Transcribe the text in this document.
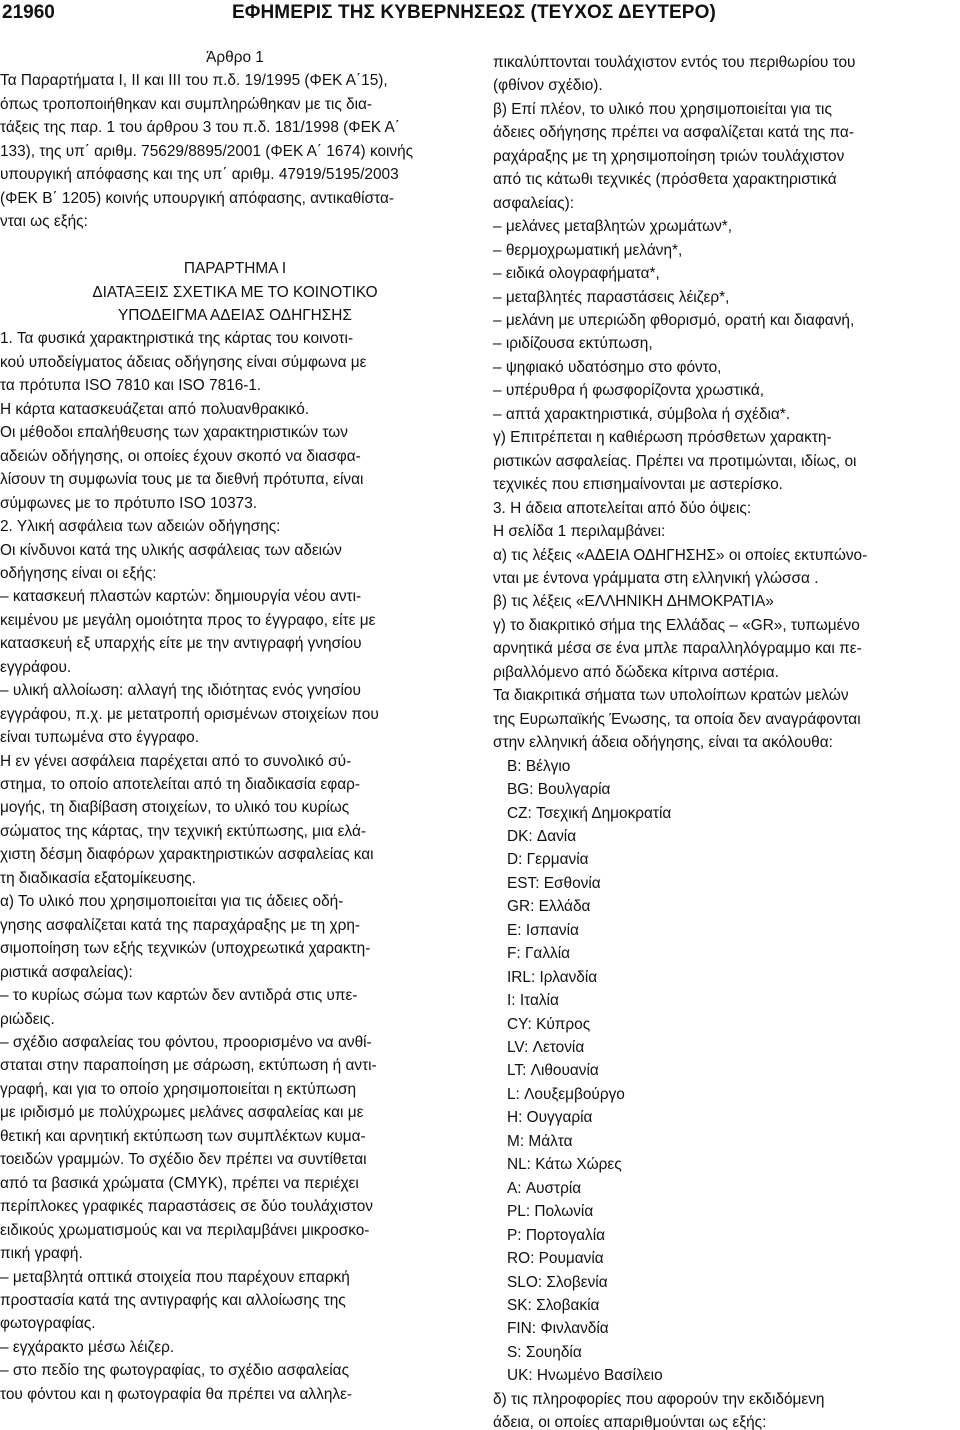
21960	ΕΦΗΜΕΡΙΣ ΤΗΣ ΚΥΒΕΡΝΗΣΕΩΣ (ΤΕΥΧΟΣ ΔΕΥΤΕΡΟ)
Άρθρο 1
Τα Παραρτήματα I, II και III του π.δ. 19/1995 (ΦΕΚ Α΄15),
όπως τροποποιήθηκαν και συμπληρώθηκαν με τις δια-
τάξεις της παρ. 1 του άρθρου 3 του π.δ. 181/1998 (ΦΕΚ Α΄
133), της υπ΄ αριθμ. 75629/8895/2001 (ΦΕΚ Α΄ 1674) κοινής
υπουργική απόφασης και της υπ΄ αριθμ. 47919/5195/2003
(ΦΕΚ Β΄ 1205) κοινής υπουργική απόφασης, αντικαθίστα-
νται ως εξής:
ΠΑΡΑΡΤΗΜΑ Ι
ΔΙΑΤΑΞΕΙΣ ΣΧΕΤΙΚΑ ΜΕ ΤΟ ΚΟΙΝΟΤΙΚΟ
ΥΠΟΔΕΙΓΜΑ ΑΔΕΙΑΣ ΟΔΗΓΗΣΗΣ
1. Τα φυσικά χαρακτηριστικά της κάρτας του κοινοτι-
κού υποδείγματος άδειας οδήγησης είναι σύμφωνα με
τα πρότυπα ISO 7810 και ISO 7816-1.
Η κάρτα κατασκευάζεται από πολυανθρακικό.
Οι μέθοδοι επαλήθευσης των χαρακτηριστικών των
αδειών οδήγησης, οι οποίες έχουν σκοπό να διασφα-
λίσουν τη συμφωνία τους με τα διεθνή πρότυπα, είναι
σύμφωνες με το πρότυπο ISO 10373.
2. Υλική ασφάλεια των αδειών οδήγησης:
Οι κίνδυνοι κατά της υλικής ασφάλειας των αδειών
οδήγησης είναι οι εξής:
– κατασκευή πλαστών καρτών: δημιουργία νέου αντι-
κειμένου με μεγάλη ομοιότητα προς το έγγραφο, είτε με
κατασκευή εξ υπαρχής είτε με την αντιγραφή γνησίου
εγγράφου.
– υλική αλλοίωση: αλλαγή της ιδιότητας ενός γνησίου
εγγράφου, π.χ. με μετατροπή ορισμένων στοιχείων που
είναι τυπωμένα στο έγγραφο.
Η εν γένει ασφάλεια παρέχεται από το συνολικό σύ-
στημα, το οποίο αποτελείται από τη διαδικασία εφαρ-
μογής, τη διαβίβαση στοιχείων, το υλικό του κυρίως
σώματος της κάρτας, την τεχνική εκτύπωσης, μια ελά-
χιστη δέσμη διαφόρων χαρακτηριστικών ασφαλείας και
τη διαδικασία εξατομίκευσης.
α) Το υλικό που χρησιμοποιείται για τις άδειες οδή-
γησης ασφαλίζεται κατά της παραχάραξης με τη χρη-
σιμοποίηση των εξής τεχνικών (υποχρεωτικά χαρακτη-
ριστικά ασφαλείας):
– το κυρίως σώμα των καρτών δεν αντιδρά στις υπε-
ριώδεις.
– σχέδιο ασφαλείας του φόντου, προορισμένο να ανθί-
σταται στην παραποίηση με σάρωση, εκτύπωση ή αντι-
γραφή, και για το οποίο χρησιμοποιείται η εκτύπωση
με ιριδισμό με πολύχρωμες μελάνες ασφαλείας και με
θετική και αρνητική εκτύπωση των συμπλέκτων κυμα-
τοειδών γραμμών. Το σχέδιο δεν πρέπει να συντίθεται
από τα βασικά χρώματα (CMYK), πρέπει να περιέχει
περίπλοκες γραφικές παραστάσεις σε δύο τουλάχιστον
ειδικούς χρωματισμούς και να περιλαμβάνει μικροσκο-
πική γραφή.
– μεταβλητά οπτικά στοιχεία που παρέχουν επαρκή
προστασία κατά της αντιγραφής και αλλοίωσης της
φωτογραφίας.
– εγχάρακτο μέσω λέιζερ.
– στο πεδίο της φωτογραφίας, το σχέδιο ασφαλείας
του φόντου και η φωτογραφία θα πρέπει να αλληλε-
πικαλύπτονται τουλάχιστον εντός του περιθωρίου του
(φθίνον σχέδιο).
β) Επί πλέον, το υλικό που χρησιμοποιείται για τις
άδειες οδήγησης πρέπει να ασφαλίζεται κατά της πα-
ραχάραξης με τη χρησιμοποίηση τριών τουλάχιστον
από τις κάτωθι τεχνικές (πρόσθετα χαρακτηριστικά
ασφαλείας):
– μελάνες μεταβλητών χρωμάτων*,
– θερμοχρωματική μελάνη*,
– ειδικά ολογραφήματα*,
– μεταβλητές παραστάσεις λέιζερ*,
– μελάνη με υπεριώδη φθορισμό, ορατή και διαφανή,
– ιριδίζουσα εκτύπωση,
– ψηφιακό υδατόσημο στο φόντο,
– υπέρυθρα ή φωσφορίζοντα χρωστικά,
– απτά χαρακτηριστικά, σύμβολα ή σχέδια*.
γ) Επιτρέπεται η καθιέρωση πρόσθετων χαρακτη-
ριστικών ασφαλείας. Πρέπει να προτιμώνται, ιδίως, οι
τεχνικές που επισημαίνονται με αστερίσκο.
3. Η άδεια αποτελείται από δύο όψεις:
Η σελίδα 1 περιλαμβάνει:
α) τις λέξεις «ΑΔΕΙΑ ΟΔΗΓΗΣΗΣ» οι οποίες εκτυπώνο-
νται με έντονα γράμματα στη ελληνική γλώσσα .
β) τις λέξεις «ΕΛΛΗΝΙΚΗ ΔΗΜΟΚΡΑΤΙΑ»
γ) το διακριτικό σήμα της Ελλάδας – «GR», τυπωμένο
αρνητικά μέσα σε ένα μπλε παραλληλόγραμμο και πε-
ριβαλλόμενο από δώδεκα κίτρινα αστέρια.
Τα διακριτικά σήματα των υπολοίπων κρατών μελών
της Ευρωπαϊκής Ένωσης, τα οποία δεν αναγράφονται
στην ελληνική άδεια οδήγησης, είναι τα ακόλουθα:
B: Βέλγιο
BG: Βουλγαρία
CZ: Τσεχική Δημοκρατία
DK: Δανία
D: Γερμανία
EST: Εσθονία
GR: Ελλάδα
E: Ισπανία
F: Γαλλία
IRL: Ιρλανδία
I: Ιταλία
CY: Κύπρος
LV: Λετονία
LT: Λιθουανία
L: Λουξεμβούργο
H: Ουγγαρία
M: Μάλτα
NL: Κάτω Χώρες
A: Αυστρία
PL: Πολωνία
P: Πορτογαλία
RO: Ρουμανία
SLO: Σλοβενία
SK: Σλοβακία
FIN: Φινλανδία
S: Σουηδία
UK: Ηνωμένο Βασίλειο
δ) τις πληροφορίες που αφορούν την εκδιδόμενη
άδεια, οι οποίες απαριθμούνται ως εξής:
